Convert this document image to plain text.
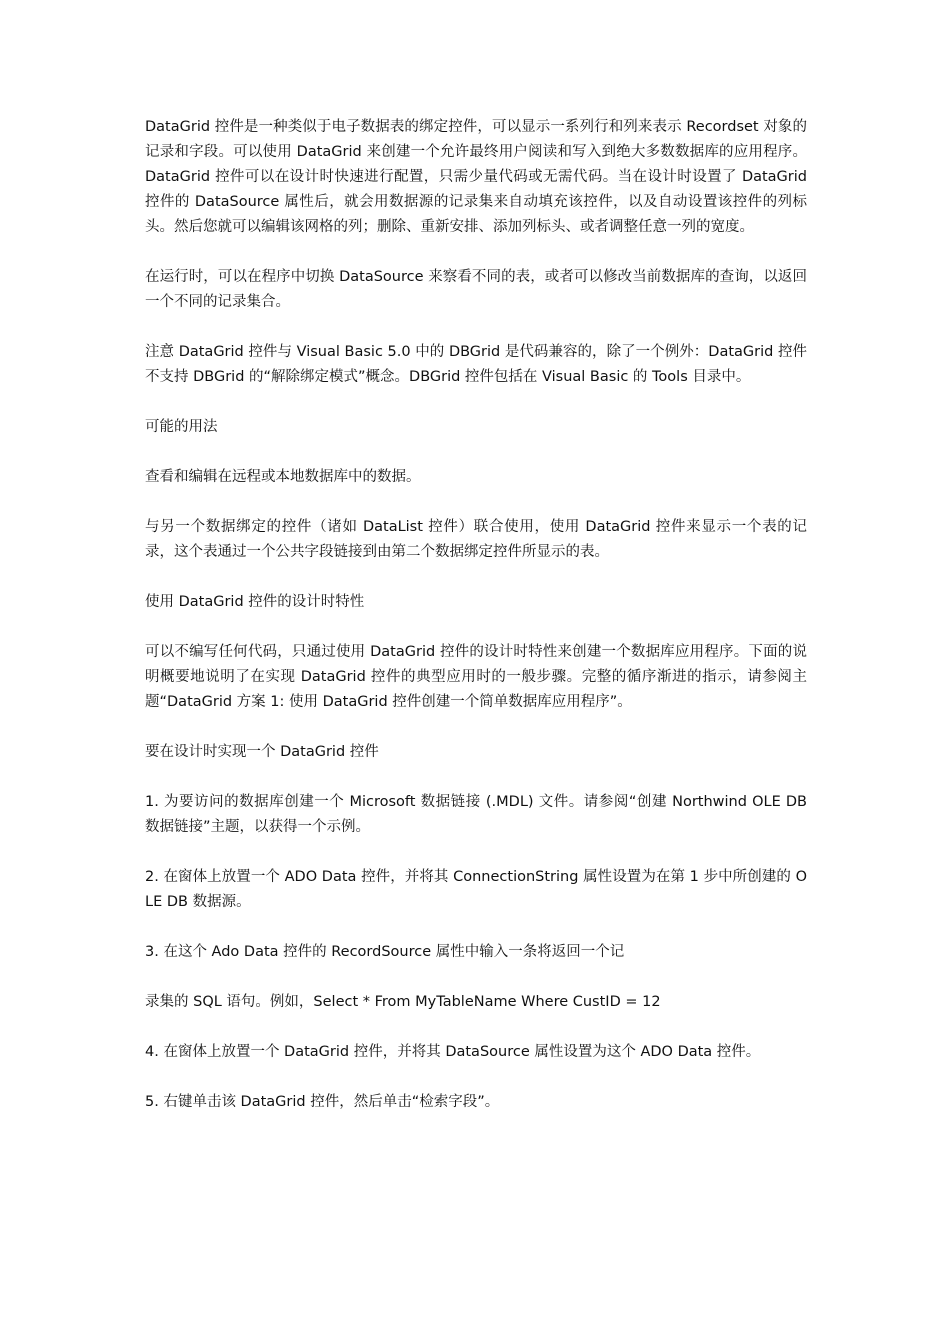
DataGrid 控件是一种类似于电子数据表的绑定控件，可以显示一系列行和列来表示 Recordset 对象的记录和字段。可以使用 DataGrid 来创建一个允许最终用户阅读和写入到绝大多数数据库的应用程序。DataGrid 控件可以在设计时快速进行配置，只需少量代码或无需代码。当在设计时设置了 DataGrid 控件的 DataSource 属性后，就会用数据源的记录集来自动填充该控件，以及自动设置该控件的列标头。然后您就可以编辑该网格的列；删除、重新安排、添加列标头、或者调整任意一列的宽度。

在运行时，可以在程序中切换 DataSource 来察看不同的表，或者可以修改当前数据库的查询，以返回一个不同的记录集合。

注意 DataGrid 控件与 Visual Basic 5.0 中的 DBGrid 是代码兼容的，除了一个例外：DataGrid 控件不支持 DBGrid 的“解除绑定模式”概念。DBGrid 控件包括在 Visual Basic 的 Tools 目录中。

可能的用法

查看和编辑在远程或本地数据库中的数据。

与另一个数据绑定的控件（诸如 DataList 控件）联合使用，使用 DataGrid 控件来显示一个表的记录，这个表通过一个公共字段链接到由第二个数据绑定控件所显示的表。

使用 DataGrid 控件的设计时特性

可以不编写任何代码，只通过使用 DataGrid 控件的设计时特性来创建一个数据库应用程序。下面的说明概要地说明了在实现 DataGrid 控件的典型应用时的一般步骤。完整的循序渐进的指示，请参阅主题“DataGrid 方案 1: 使用 DataGrid 控件创建一个简单数据库应用程序”。

要在设计时实现一个 DataGrid 控件

1. 为要访问的数据库创建一个 Microsoft 数据链接 (.MDL) 文件。请参阅“创建 Northwind OLE DB 数据链接”主题，以获得一个示例。

2. 在窗体上放置一个 ADO Data 控件，并将其 ConnectionString 属性设置为在第 1 步中所创建的 OLE DB 数据源。

3. 在这个 Ado Data 控件的 RecordSource 属性中输入一条将返回一个记

录集的 SQL 语句。例如，Select * From MyTableName Where CustID = 12

4. 在窗体上放置一个 DataGrid 控件，并将其 DataSource 属性设置为这个 ADO Data 控件。

5. 右键单击该 DataGrid 控件，然后单击“检索字段”。
